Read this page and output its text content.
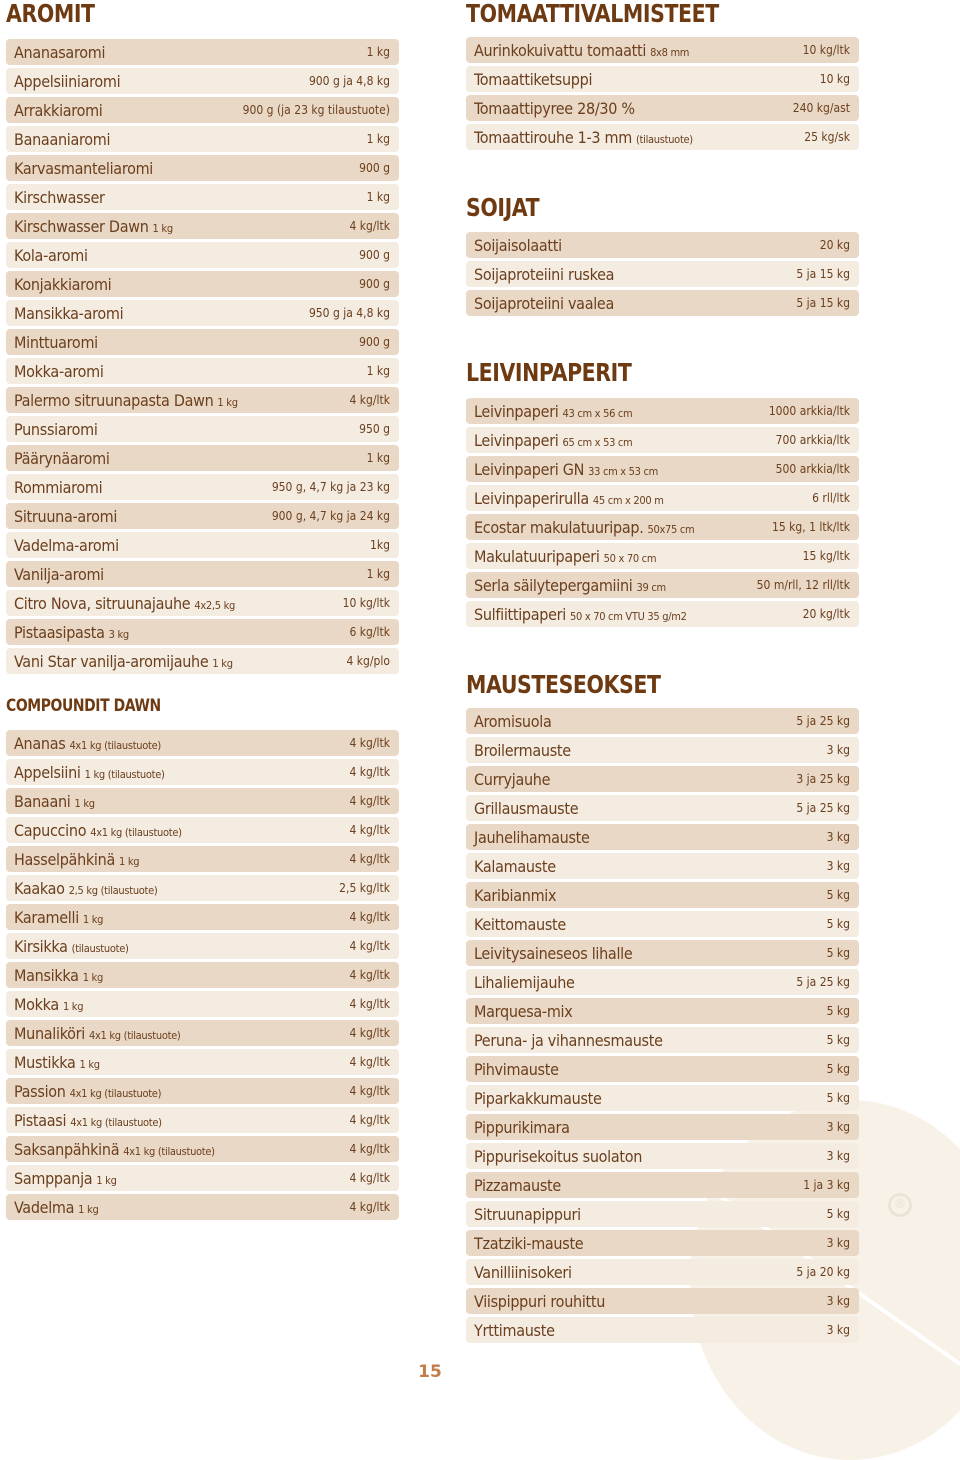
®
AROMIT
Ananasaromi	1 kg
Appelsiiniaromi	900 g ja 4,8 kg
Arrakkiaromi	900 g (ja 23 kg tilaustuote)
Banaaniaromi	1 kg
Karvasmanteliaromi	900 g
Kirschwasser	1 kg
Kirschwasser Dawn 1 kg	4 kg/ltk
Kola-aromi	900 g
Konjakkiaromi	900 g
Mansikka-aromi	950 g ja 4,8 kg
Minttuaromi	900 g
Mokka-aromi	1 kg
Palermo sitruunapasta Dawn 1 kg	4 kg/ltk
Punssiaromi	950 g
Päärynäaromi	1 kg
Rommiaromi	950 g, 4,7 kg ja 23 kg
Sitruuna-aromi	900 g, 4,7 kg ja 24 kg
Vadelma-aromi	1kg
Vanilja-aromi	1 kg
Citro Nova, sitruunajauhe 4x2,5 kg	10 kg/ltk
Pistaasipasta 3 kg	6 kg/ltk
Vani Star vanilja-aromijauhe 1 kg	4 kg/plo
COMPOUNDIT DAWN
Ananas 4x1 kg (tilaustuote)	4 kg/ltk
Appelsiini 1 kg (tilaustuote)	4 kg/ltk
Banaani 1 kg	4 kg/ltk
Capuccino 4x1 kg (tilaustuote)	4 kg/ltk
Hasselpähkinä 1 kg	4 kg/ltk
Kaakao 2,5 kg (tilaustuote)	2,5 kg/ltk
Karamelli 1 kg	4 kg/ltk
Kirsikka (tilaustuote)	4 kg/ltk
Mansikka 1 kg	4 kg/ltk
Mokka 1 kg	4 kg/ltk
Munaliköri 4x1 kg (tilaustuote)	4 kg/ltk
Mustikka 1 kg	4 kg/ltk
Passion 4x1 kg (tilaustuote)	4 kg/ltk
Pistaasi 4x1 kg (tilaustuote)	4 kg/ltk
Saksanpähkinä 4x1 kg (tilaustuote)	4 kg/ltk
Samppanja 1 kg	4 kg/ltk
Vadelma 1 kg	4 kg/ltk
TOMAATTIVALMISTEET
Aurinkokuivattu tomaatti 8x8 mm	10 kg/ltk
Tomaattiketsuppi	10 kg
Tomaattipyree 28/30 %	240 kg/ast
Tomaattirouhe 1-3 mm (tilaustuote)	25 kg/sk
SOIJAT
Soijaisolaatti	20 kg
Soijaproteiini ruskea	5 ja 15 kg
Soijaproteiini vaalea	5 ja 15 kg
LEIVINPAPERIT
Leivinpaperi 43 cm x 56 cm	1000 arkkia/ltk
Leivinpaperi 65 cm x 53 cm	700 arkkia/ltk
Leivinpaperi GN 33 cm x 53 cm	500 arkkia/ltk
Leivinpaperirulla 45 cm x 200 m	6 rll/ltk
Ecostar makulatuuripap. 50x75 cm	15 kg, 1 ltk/ltk
Makulatuuripaperi 50 x 70 cm	15 kg/ltk
Serla säilytepergamiini 39 cm	50 m/rll, 12 rll/ltk
Sulfiittipaperi 50 x 70 cm VTU 35 g/m2	20 kg/ltk
MAUSTESEOKSET
Aromisuola	5 ja 25 kg
Broilermauste	3 kg
Curryjauhe	3 ja 25 kg
Grillausmauste	5 ja 25 kg
Jauhelihamauste	3 kg
Kalamauste	3 kg
Karibianmix	5 kg
Keittomauste	5 kg
Leivitysaineseos lihalle	5 kg
Lihaliemijauhe	5 ja 25 kg
Marquesa-mix	5 kg
Peruna- ja vihannesmauste	5 kg
Pihvimauste	5 kg
Piparkakkumauste	5 kg
Pippurikimara	3 kg
Pippurisekoitus suolaton	3 kg
Pizzamauste	1 ja 3 kg
Sitruunapippuri	5 kg
Tzatziki-mauste	3 kg
Vanilliinisokeri	5 ja 20 kg
Viispippuri rouhittu	3 kg
Yrttimauste	3 kg
15
